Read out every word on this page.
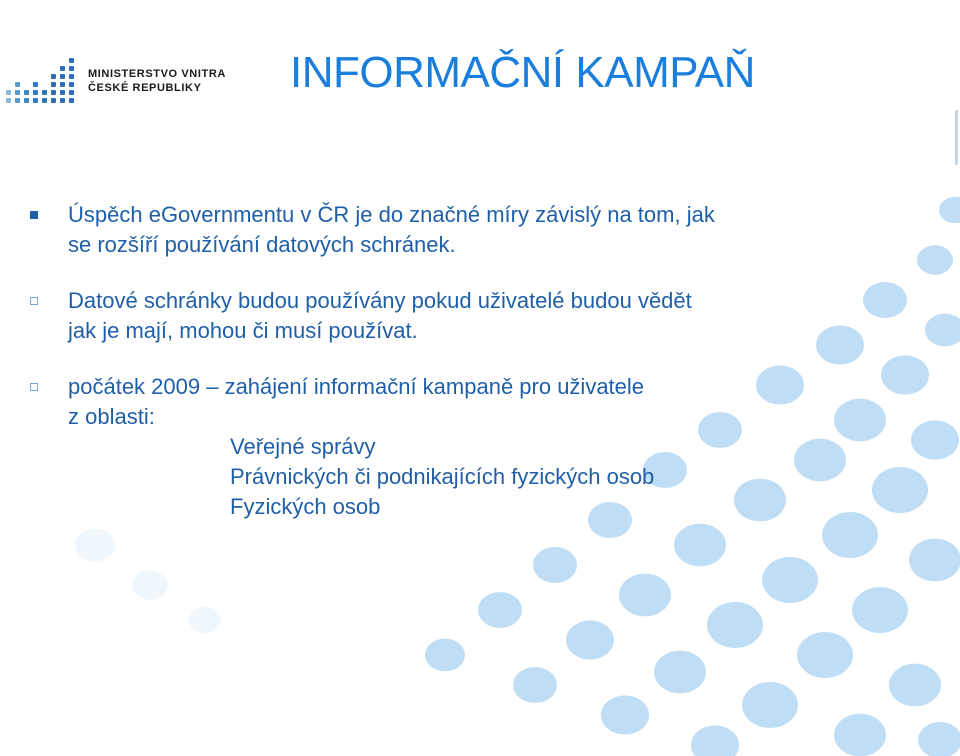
MINISTERSTVO VNITRA
ČESKÉ REPUBLIKY	INFORMAČNÍ KAMPAŇ
Úspěch eGovernmentu v ČR je do značné míry závislý na tom, jak
se rozšíří používání datových schránek.
Datové schránky budou používány pokud uživatelé budou vědět
jak je mají, mohou či musí používat.
počátek 2009 – zahájení informační kampaně pro uživatele
z oblasti:
Veřejné správy
Právnických či podnikajících fyzických osob
Fyzických osob
